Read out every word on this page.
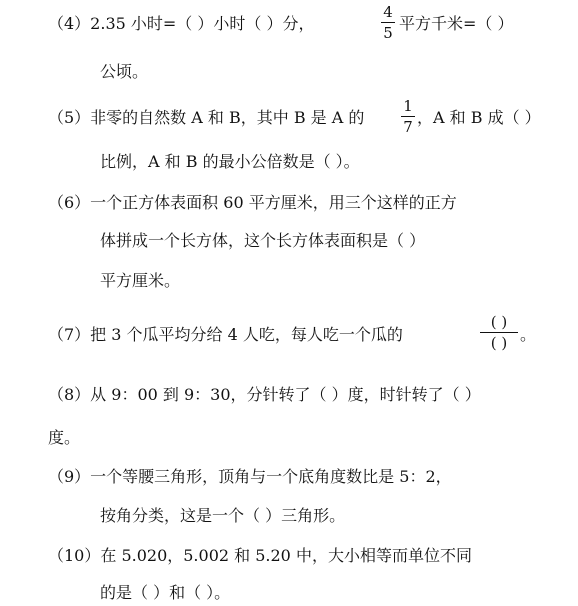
（4）2.35 小时=（ ）小时（ ）分，
4
5 平方千米=（ ）
公顷。
（5）非零的自然数 A 和 B，其中 B 是 A 的
1
7 ，A 和 B 成（ ）
比例，A 和 B 的最小公倍数是（ ）。
（6）一个正方体表面积 60 平方厘米，用三个这样的正方
体拼成一个长方体，这个长方体表面积是（ ）
平方厘米。
（7）把 3 个瓜平均分给 4 人吃，每人吃一个瓜的
( )
( ) 。
（8）从 9：00 到 9：30，分针转了（ ）度，时针转了（ ）
度。
（9）一个等腰三角形，顶角与一个底角度数比是 5：2，
按角分类，这是一个（ ）三角形。
（10）在 5.020，5.002 和 5.20 中，大小相等而单位不同
的是（ ）和（ ）。
